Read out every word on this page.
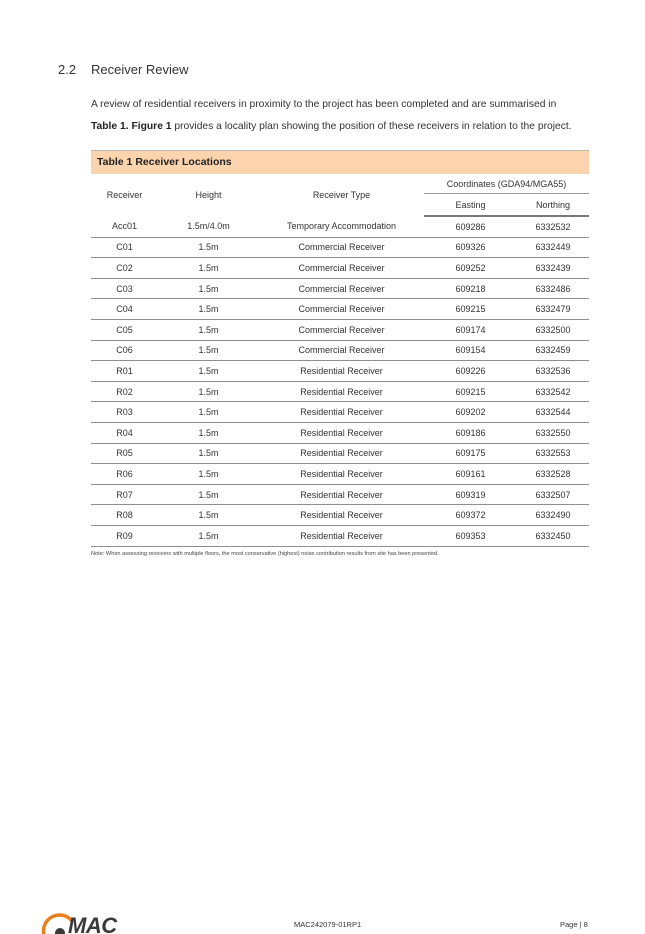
2.2 Receiver Review
A review of residential receivers in proximity to the project has been completed and are summarised in
Table 1. Figure 1 provides a locality plan showing the position of these receivers in relation to the project.
Table 1 Receiver Locations
Receiver	Height	Receiver Type	Coordinates (GDA94/MGA55)	
			Easting	Northing
Acc01	1.5m/4.0m	Temporary Accommodation	609286	6332532
C01	1.5m	Commercial Receiver	609326	6332449
C02	1.5m	Commercial Receiver	609252	6332439
C03	1.5m	Commercial Receiver	609218	6332486
C04	1.5m	Commercial Receiver	609215	6332479
C05	1.5m	Commercial Receiver	609174	6332500
C06	1.5m	Commercial Receiver	609154	6332459
R01	1.5m	Residential Receiver	609226	6332536
R02	1.5m	Residential Receiver	609215	6332542
R03	1.5m	Residential Receiver	609202	6332544
R04	1.5m	Residential Receiver	609186	6332550
R05	1.5m	Residential Receiver	609175	6332553
R06	1.5m	Residential Receiver	609161	6332528
R07	1.5m	Residential Receiver	609319	6332507
R08	1.5m	Residential Receiver	609372	6332490
R09	1.5m	Residential Receiver	609353	6332450
Note: When assessing receivers with multiple floors, the most conservative (highest) noise contribution results from site has been presented.
MAC	MAC242079-01RP1	Page | 8
